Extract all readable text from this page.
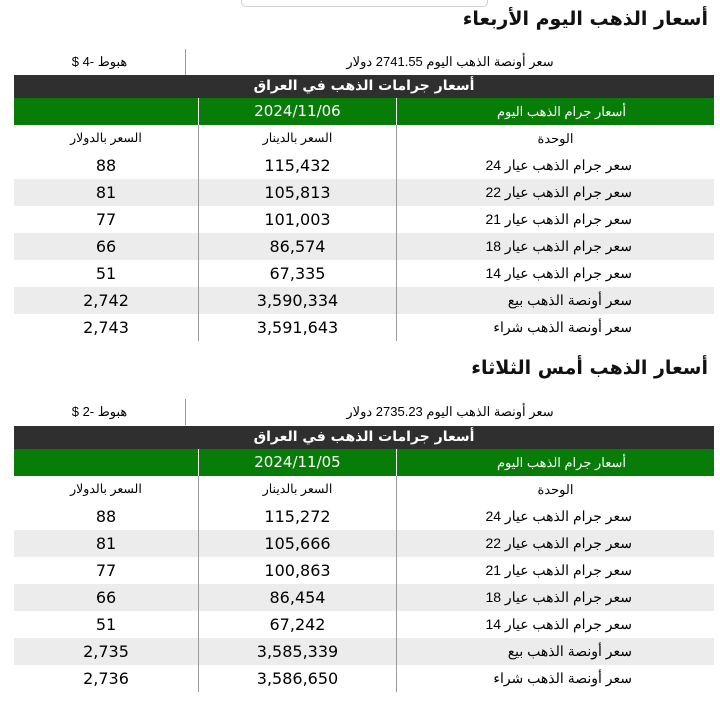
أسعار الذهب اليوم الأربعاء
سعر أونصة الذهب اليوم 2741.55 دولار
هبوط -4 $
أسعار جرامات الذهب في العراق
أسعار جرام الذهب اليوم
2024/11/06
الوحدة
السعر بالدينار
السعر بالدولار
سعر جرام الذهب عيار 24
115,432
88
سعر جرام الذهب عيار 22
105,813
81
سعر جرام الذهب عيار 21
101,003
77
سعر جرام الذهب عيار 18
86,574
66
سعر جرام الذهب عيار 14
67,335
51
سعر أونصة الذهب بيع
3,590,334
2,742
سعر أونصة الذهب شراء
3,591,643
2,743
أسعار الذهب أمس الثلاثاء
سعر أونصة الذهب اليوم 2735.23 دولار
هبوط -2 $
أسعار جرامات الذهب في العراق
أسعار جرام الذهب اليوم
2024/11/05
الوحدة
السعر بالدينار
السعر بالدولار
سعر جرام الذهب عيار 24
115,272
88
سعر جرام الذهب عيار 22
105,666
81
سعر جرام الذهب عيار 21
100,863
77
سعر جرام الذهب عيار 18
86,454
66
سعر جرام الذهب عيار 14
67,242
51
سعر أونصة الذهب بيع
3,585,339
2,735
سعر أونصة الذهب شراء
3,586,650
2,736
